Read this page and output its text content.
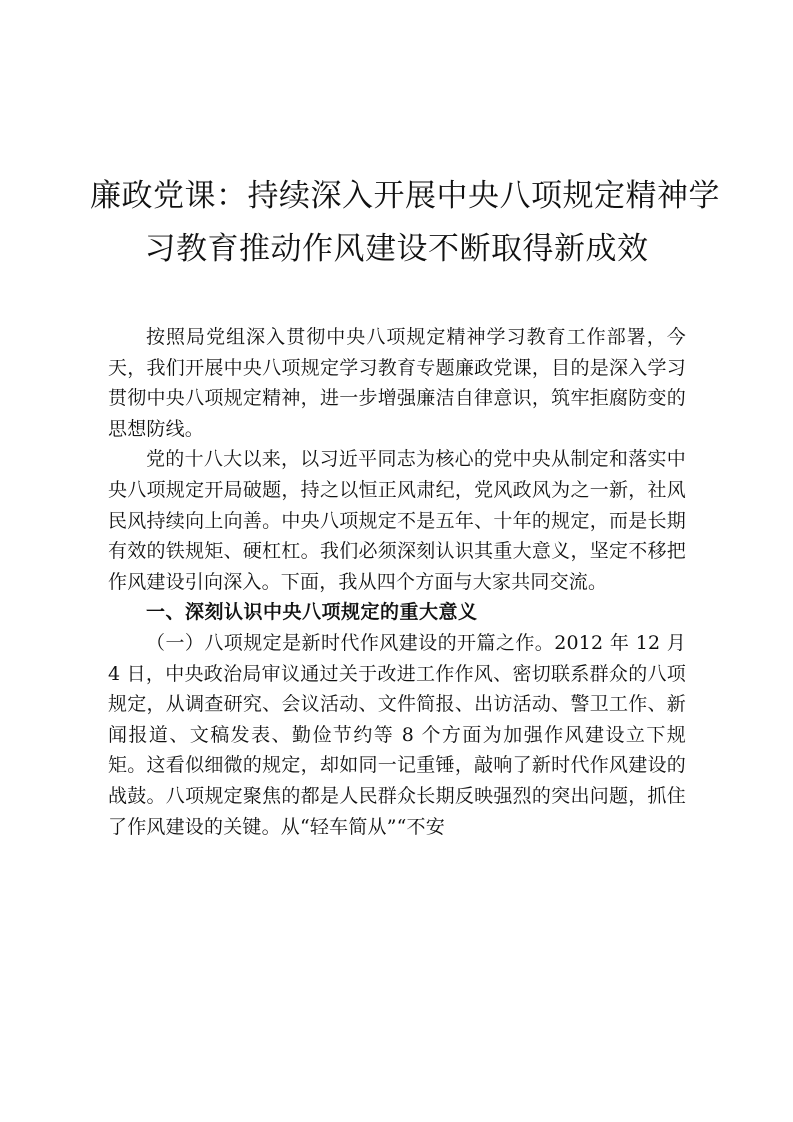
廉政党课：持续深入开展中央八项规定精神学
习教育推动作风建设不断取得新成效

按照局党组深入贯彻中央八项规定精神学习教育工作部署，今天，我们开展中央八项规定学习教育专题廉政党课，目的是深入学习贯彻中央八项规定精神，进一步增强廉洁自律意识，筑牢拒腐防变的思想防线。

党的十八大以来，以习近平同志为核心的党中央从制定和落实中央八项规定开局破题，持之以恒正风肃纪，党风政风为之一新，社风民风持续向上向善。中央八项规定不是五年、十年的规定，而是长期有效的铁规矩、硬杠杠。我们必须深刻认识其重大意义，坚定不移把作风建设引向深入。下面，我从四个方面与大家共同交流。

一、深刻认识中央八项规定的重大意义

（一）八项规定是新时代作风建设的开篇之作。2012 年 12 月 4 日，中央政治局审议通过关于改进工作作风、密切联系群众的八项规定，从调查研究、会议活动、文件简报、出访活动、警卫工作、新闻报道、文稿发表、勤俭节约等 8 个方面为加强作风建设立下规矩。这看似细微的规定，却如同一记重锤，敲响了新时代作风建设的战鼓。八项规定聚焦的都是人民群众长期反映强烈的突出问题，抓住了作风建设的关键。从“轻车简从”“不安
